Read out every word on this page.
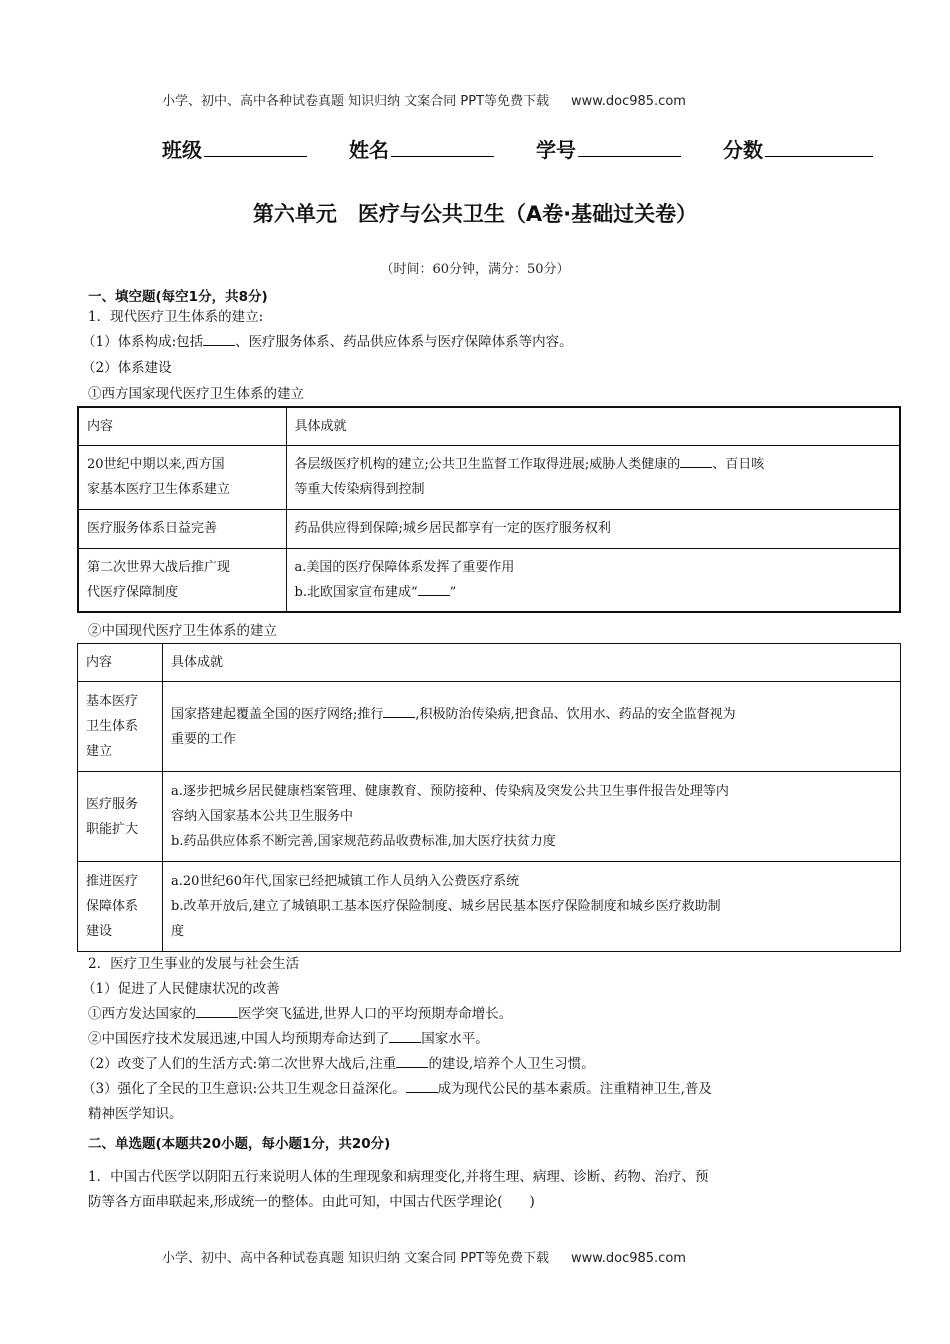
小学、初中、高中各种试卷真题 知识归纳 文案合同 PPT等免费下载 www.doc985.com
班级	姓名	学号	分数
第六单元　医疗与公共卫生（A卷·基础过关卷）
（时间：60分钟，满分：50分）
一、填空题(每空1分，共8分)
1．现代医疗卫生体系的建立:
（1）体系构成:包括 、医疗服务体系、药品供应体系与医疗保障体系等内容。
（2）体系建设
①西方国家现代医疗卫生体系的建立
内容	具体成就
20世纪中期以来,西方国
家基本医疗卫生体系建立	各层级医疗机构的建立;公共卫生监督工作取得进展;威胁人类健康的 、百日咳
等重大传染病得到控制
医疗服务体系日益完善	药品供应得到保障;城乡居民都享有一定的医疗服务权利
第二次世界大战后推广现
代医疗保障制度	a.美国的医疗保障体系发挥了重要作用
b.北欧国家宣布建成“ ”
②中国现代医疗卫生体系的建立
内容	具体成就
基本医疗
卫生体系
建立	国家搭建起覆盖全国的医疗网络;推行 ,积极防治传染病,把食品、饮用水、药品的安全监督视为
重要的工作
医疗服务
职能扩大	a.逐步把城乡居民健康档案管理、健康教育、预防接种、传染病及突发公共卫生事件报告处理等内
容纳入国家基本公共卫生服务中
b.药品供应体系不断完善,国家规范药品收费标准,加大医疗扶贫力度
推进医疗
保障体系
建设	a.20世纪60年代,国家已经把城镇工作人员纳入公费医疗系统
b.改革开放后,建立了城镇职工基本医疗保险制度、城乡居民基本医疗保险制度和城乡医疗救助制
度
2．医疗卫生事业的发展与社会生活
（1）促进了人民健康状况的改善
①西方发达国家的	医学突飞猛进,世界人口的平均预期寿命增长。
②中国医疗技术发展迅速,中国人均预期寿命达到了 国家水平。
（2）改变了人们的生活方式:第二次世界大战后,注重 的建设,培养个人卫生习惯。
（3）强化了全民的卫生意识:公共卫生观念日益深化。 成为现代公民的基本素质。注重精神卫生,普及
精神医学知识。
二、单选题(本题共20小题，每小题1分，共20分)
1．中国古代医学以阴阳五行来说明人体的生理现象和病理变化,并将生理、病理、诊断、药物、治疗、预
防等各方面串联起来,形成统一的整体。由此可知，中国古代医学理论(　　)
小学、初中、高中各种试卷真题 知识归纳 文案合同 PPT等免费下载 www.doc985.com
